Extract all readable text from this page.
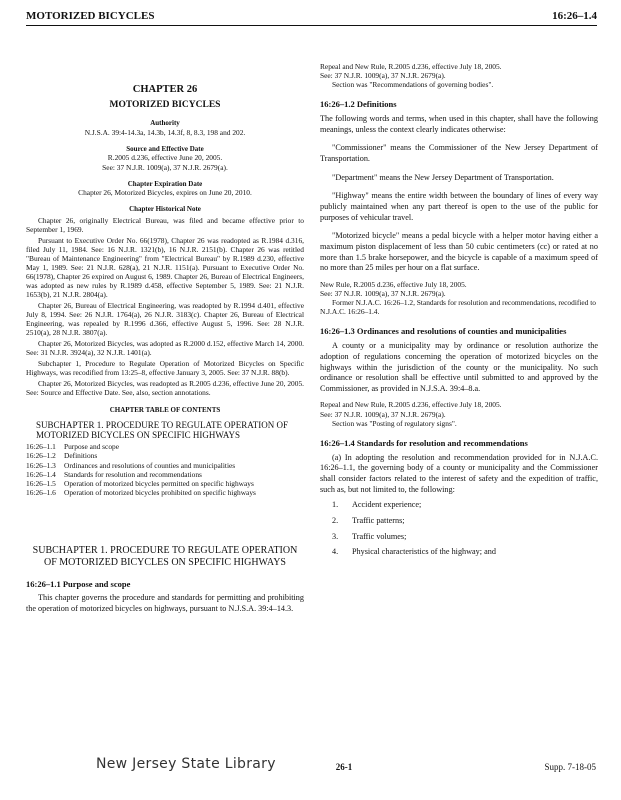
MOTORIZED BICYCLES	16:26–1.4
CHAPTER 26
MOTORIZED BICYCLES
Authority
N.J.S.A. 39:4-14.3a, 14.3b, 14.3f, 8, 8.3, 198 and 202.
Source and Effective Date
R.2005 d.236, effective June 20, 2005.
See: 37 N.J.R. 1009(a), 37 N.J.R. 2679(a).
Chapter Expiration Date
Chapter 26, Motorized Bicycles, expires on June 20, 2010.
Chapter Historical Note

Chapter 26, originally Electrical Bureau, was filed and became effective prior to September 1, 1969.

Pursuant to Executive Order No. 66(1978), Chapter 26 was readopted as R.1984 d.316, filed July 11, 1984. See: 16 N.J.R. 1321(b), 16 N.J.R. 2151(b). Chapter 26 was retitled "Bureau of Maintenance Engineering" from "Electrical Bureau" by R.1989 d.230, effective May 1, 1989. See: 21 N.J.R. 628(a), 21 N.J.R. 1151(a). Pursuant to Executive Order No. 66(1978), Chapter 26 expired on August 6, 1989. Chapter 26, Bureau of Electrical Engineers, was adopted as new rules by R.1989 d.458, effective September 5, 1989. See: 21 N.J.R. 1653(b), 21 N.J.R. 2804(a).

Chapter 26, Bureau of Electrical Engineering, was readopted by R.1994 d.401, effective July 8, 1994. See: 26 N.J.R. 1764(a), 26 N.J.R. 3183(c). Chapter 26, Bureau of Electrical Engineering, was repealed by R.1996 d.366, effective August 5, 1996. See: 28 N.J.R. 2510(a), 28 N.J.R. 3807(a).

Chapter 26, Motorized Bicycles, was adopted as R.2000 d.152, effective March 14, 2000. See: 31 N.J.R. 3924(a), 32 N.J.R. 1401(a).

Subchapter 1, Procedure to Regulate Operation of Motorized Bicycles on Specific Highways, was recodified from 13:25–8, effective January 3, 2005. See: 37 N.J.R. 88(b).

Chapter 26, Motorized Bicycles, was readopted as R.2005 d.236, effective June 20, 2005. See: Source and Effective Date. See, also, section annotations.

CHAPTER TABLE OF CONTENTS
SUBCHAPTER 1. PROCEDURE TO REGULATE OPERATION OF MOTORIZED BICYCLES ON SPECIFIC HIGHWAYS
16:26–1.1	Purpose and scope
16:26–1.2	Definitions
16:26–1.3	Ordinances and resolutions of counties and municipalities
16:26–1.4	Standards for resolution and recommendations
16:26–1.5	Operation of motorized bicycles permitted on specific highways
16:26–1.6	Operation of motorized bicycles prohibited on specific highways
SUBCHAPTER 1. PROCEDURE TO REGULATE OPERATION OF MOTORIZED BICYCLES ON SPECIFIC HIGHWAYS
16:26–1.1 Purpose and scope

This chapter governs the procedure and standards for permitting and prohibiting the operation of motorized bicycles on highways, pursuant to N.J.S.A. 39:4–14.3.

Repeal and New Rule, R.2005 d.236, effective July 18, 2005.
See: 37 N.J.R. 1009(a), 37 N.J.R. 2679(a).
Section was "Recommendations of governing bodies".
16:26–1.2 Definitions

The following words and terms, when used in this chapter, shall have the following meanings, unless the context clearly indicates otherwise:

"Commissioner" means the Commissioner of the New Jersey Department of Transportation.

"Department" means the New Jersey Department of Transportation.

"Highway" means the entire width between the boundary of lines of every way publicly maintained when any part thereof is open to the use of the public for purposes of vehicular travel.

"Motorized bicycle" means a pedal bicycle with a helper motor having either a maximum piston displacement of less than 50 cubic centimeters (cc) or rated at no more than 1.5 brake horsepower, and the bicycle is capable of a maximum speed of no more than 25 miles per hour on a flat surface.

New Rule, R.2005 d.236, effective July 18, 2005.
See: 37 N.J.R. 1009(a), 37 N.J.R. 2679(a).
Former N.J.A.C. 16:26–1.2, Standards for resolution and recommendations, recodified to N.J.A.C. 16:26–1.4.
16:26–1.3 Ordinances and resolutions of counties and municipalities

A county or a municipality may by ordinance or resolution authorize the adoption of regulations concerning the operation of motorized bicycles on the highways within the jurisdiction of the county or the municipality. No such ordinance or resolution shall be effective until submitted to and approved by the Commissioner, as provided in N.J.S.A. 39:4–8.a.

Repeal and New Rule, R.2005 d.236, effective July 18, 2005.
See: 37 N.J.R. 1009(a), 37 N.J.R. 2679(a).
Section was "Posting of regulatory signs".
16:26–1.4 Standards for resolution and recommendations

(a) In adopting the resolution and recommendation provided for in N.J.A.C. 16:26–1.1, the governing body of a county or municipality and the Commissioner shall consider factors related to the interest of safety and the expedition of traffic, such as, but not limited to, the following:

1.	Accident experience;
2.	Traffic patterns;
3.	Traffic volumes;
4.	Physical characteristics of the highway; and
New Jersey State Library	26-1	Supp. 7-18-05
